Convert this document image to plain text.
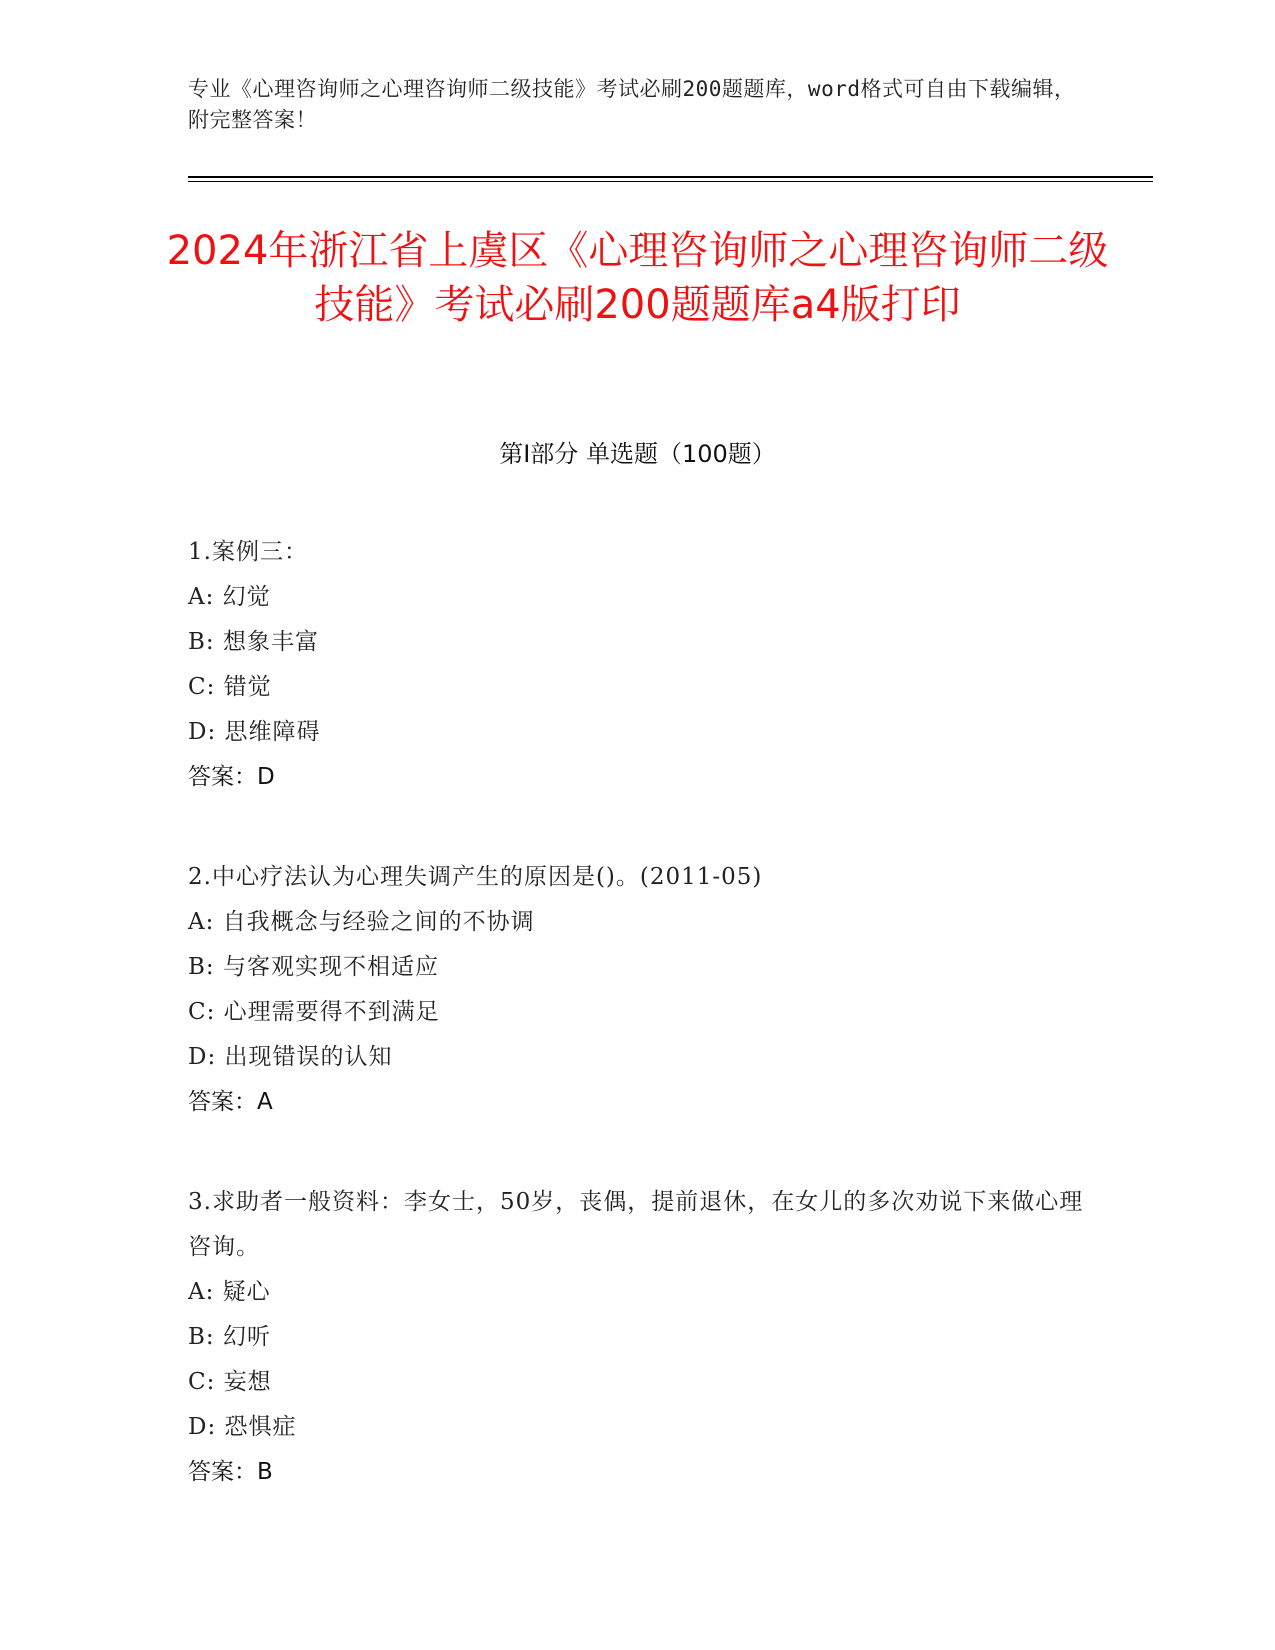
专业《心理咨询师之心理咨询师二级技能》考试必刷200题题库，word格式可自由下载编辑，附完整答案！
2024年浙江省上虞区《心理咨询师之心理咨询师二级技能》考试必刷200题题库a4版打印
第Ⅰ部分 单选题（100题）
1.案例三：
A: 幻觉
B: 想象丰富
C: 错觉
D: 思维障碍
答案：D
2.中心疗法认为心理失调产生的原因是()。(2011-05)
A: 自我概念与经验之间的不协调
B: 与客观实现不相适应
C: 心理需要得不到满足
D: 出现错误的认知
答案：A
3.求助者一般资料：李女士，50岁，丧偶，提前退休，在女儿的多次劝说下来做心理咨询。
A: 疑心
B: 幻听
C: 妄想
D: 恐惧症
答案：B
